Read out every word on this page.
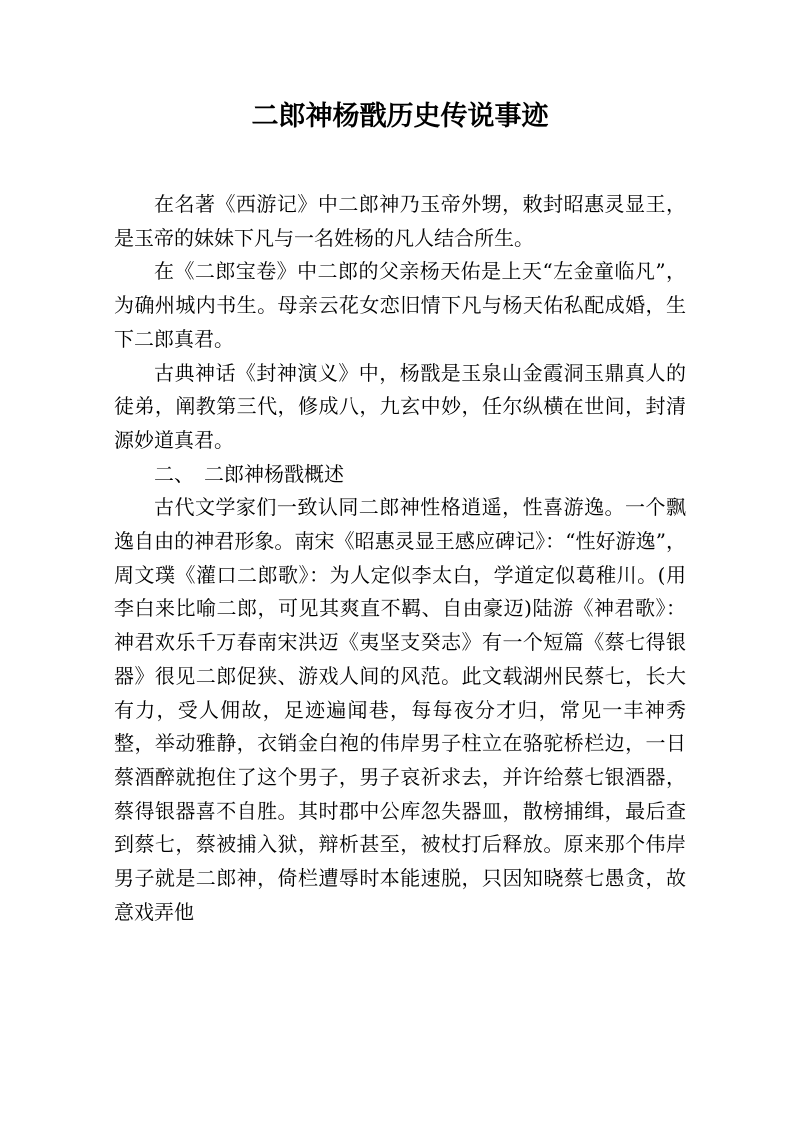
二郎神杨戬历史传说事迹

在名著《西游记》中二郎神乃玉帝外甥，敕封昭惠灵显王，是玉帝的妹妹下凡与一名姓杨的凡人结合所生。

在《二郎宝卷》中二郎的父亲杨天佑是上天“左金童临凡”，为确州城内书生。母亲云花女恋旧情下凡与杨天佑私配成婚，生下二郎真君。

古典神话《封神演义》中，杨戬是玉泉山金霞洞玉鼎真人的徒弟，阐教第三代，修成八，九玄中妙，任尔纵横在世间，封清源妙道真君。

二、　二郎神杨戬概述

古代文学家们一致认同二郎神性格逍遥，性喜游逸。一个飘逸自由的神君形象。南宋《昭惠灵显王感应碑记》：“性好游逸”，周文璞《灌口二郎歌》：为人定似李太白，学道定似葛稚川。(用李白来比喻二郎，可见其爽直不羁、自由豪迈)陆游《神君歌》：神君欢乐千万春南宋洪迈《夷坚支癸志》有一个短篇《蔡七得银器》很见二郎促狭、游戏人间的风范。此文载湖州民蔡七，长大有力，受人佣故，足迹遍闻巷，每每夜分才归，常见一丰神秀整，举动雅静，衣销金白袍的伟岸男子柱立在骆驼桥栏边，一日蔡酒醉就抱住了这个男子，男子哀祈求去，并许给蔡七银酒器，蔡得银器喜不自胜。其时郡中公库忽失器皿，散榜捕缉，最后查到蔡七，蔡被捕入狱，辩析甚至，被杖打后释放。原来那个伟岸男子就是二郎神，倚栏遭辱时本能速脱，只因知晓蔡七愚贪，故意戏弄他
